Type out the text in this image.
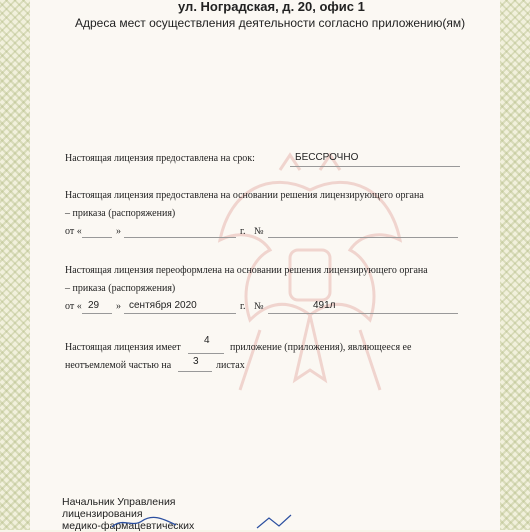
ул. Ноградская, д. 20, офис 1
Адреса мест осуществления деятельности согласно приложению(ям)
Настоящая лицензия предоставлена на срок:	БЕССРОЧНО
Настоящая лицензия предоставлена на основании решения лицензирующего органа
– приказа (распоряжения)
от «	»	г. №
Настоящая лицензия переоформлена на основании решения лицензирующего органа
– приказа (распоряжения)
от « 29 » сентября 2020	г. №	491л
Настоящая лицензия имеет
4
приложение (приложения), являющееся ее
неотъемлемой частью на 3 листах
Начальник Управления
лицензирования
медико-фармацевтических
